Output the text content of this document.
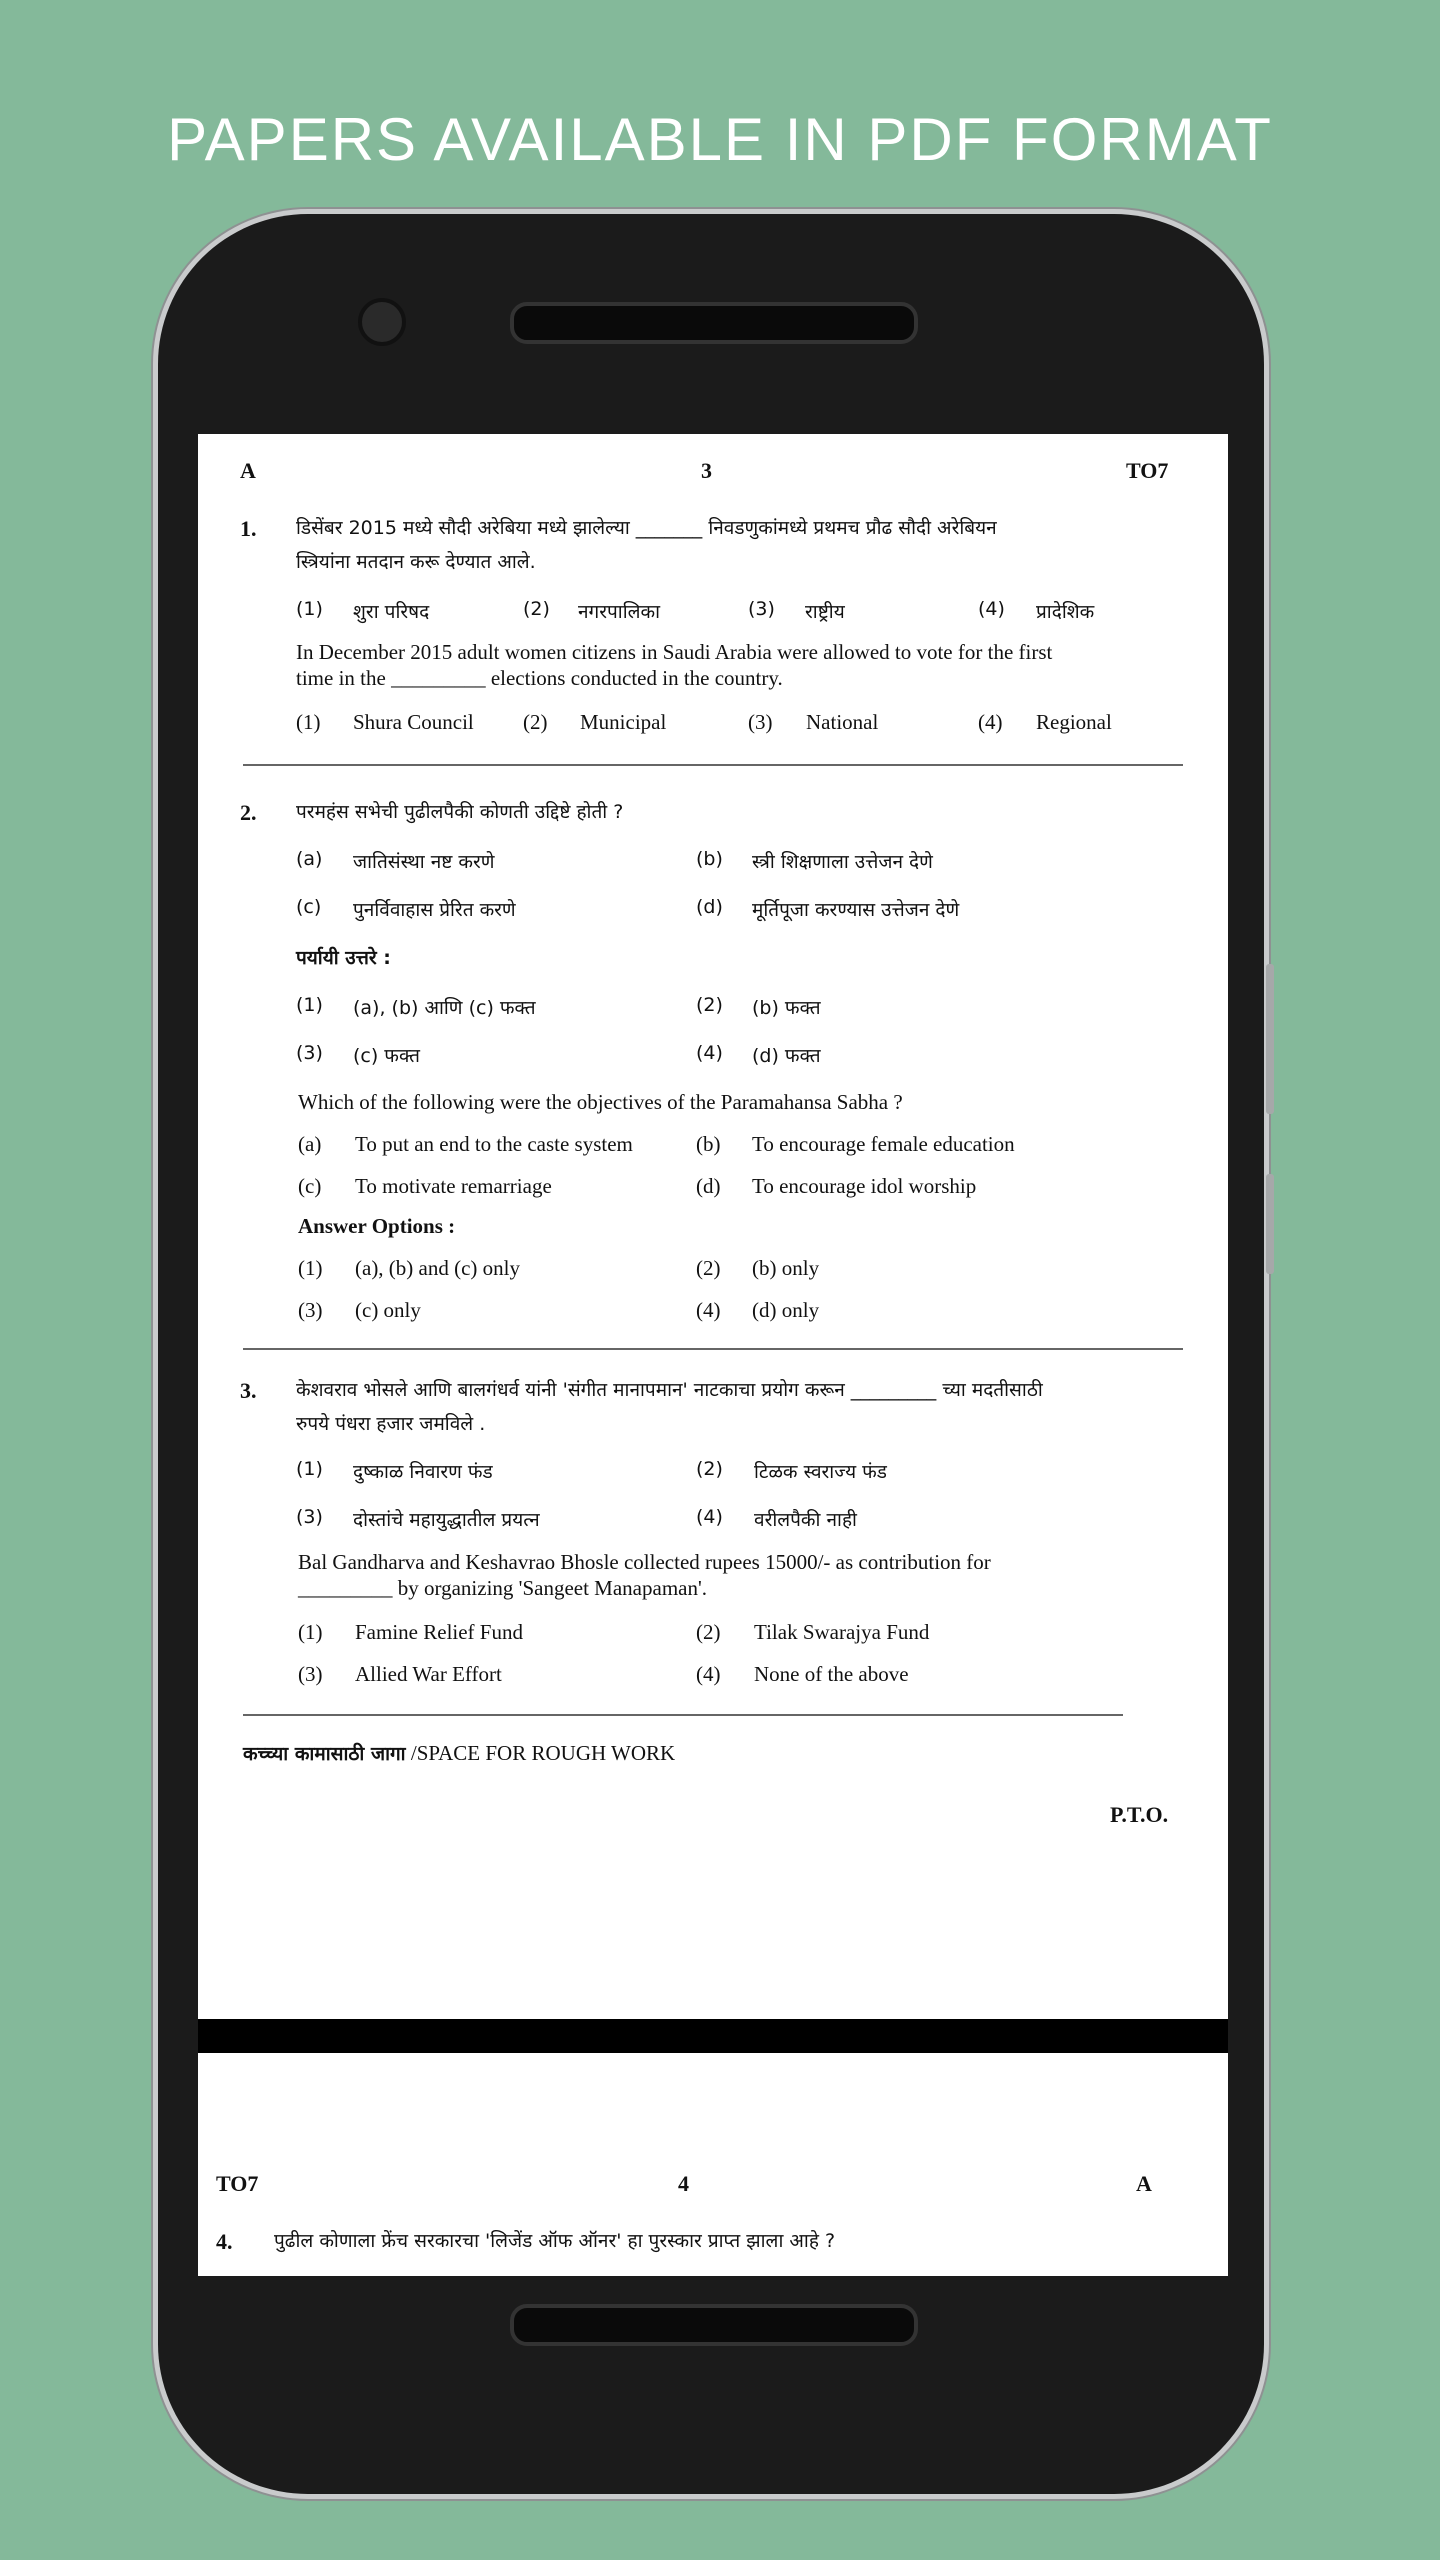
PAPERS AVAILABLE IN PDF FORMAT
A	3	TO7
1. डिसेंबर 2015 मध्ये सौदी अरेबिया मध्ये झालेल्या _______ निवडणुकांमध्ये प्रथमच प्रौढ सौदी अरेबियन
स्त्रियांना मतदान करू देण्यात आले.
(1) शुरा परिषद	(2) नगरपालिका	(3) राष्ट्रीय	(4) प्रादेशिक
In December 2015 adult women citizens in Saudi Arabia were allowed to vote for the first
time in the _________ elections conducted in the country.
(1) Shura Council (2) Municipal	(3) National	(4) Regional
2. परमहंस सभेची पुढीलपैकी कोणती उद्दिष्टे होती ?
(a) जातिसंस्था नष्ट करणे	(b) स्त्री शिक्षणाला उत्तेजन देणे
(c) पुनर्विवाहास प्रेरित करणे	(d) मूर्तिपूजा करण्यास उत्तेजन देणे
पर्यायी उत्तरे :
(1) (a), (b) आणि (c) फक्त	(2) (b) फक्त
(3) (c) फक्त	(4) (d) फक्त
Which of the following were the objectives of the Paramahansa Sabha ?
(a) To put an end to the caste system	(b) To encourage female education
(c) To motivate remarriage	(d) To encourage idol worship
Answer Options :
(1) (a), (b) and (c) only	(2) (b) only
(3) (c) only	(4) (d) only
3. केशवराव भोसले आणि बालगंधर्व यांनी 'संगीत मानापमान' नाटकाचा प्रयोग करून _________ च्या मदतीसाठी
रुपये पंधरा हजार जमविले .
(1) दुष्काळ निवारण फंड	(2) टिळक स्वराज्य फंड
(3) दोस्तांचे महायुद्धातील प्रयत्न	(4) वरीलपैकी नाही
Bal Gandharva and Keshavrao Bhosle collected rupees 15000/- as contribution for
_________ by organizing 'Sangeet Manapaman'.
(1) Famine Relief Fund	(2) Tilak Swarajya Fund
(3) Allied War Effort	(4) None of the above
कच्च्या कामासाठी जागा /SPACE FOR ROUGH WORK
P.T.O.
TO7	4	A
4. पुढील कोणाला फ्रेंच सरकारचा 'लिजेंड ऑफ ऑनर' हा पुरस्कार प्राप्त झाला आहे ?
